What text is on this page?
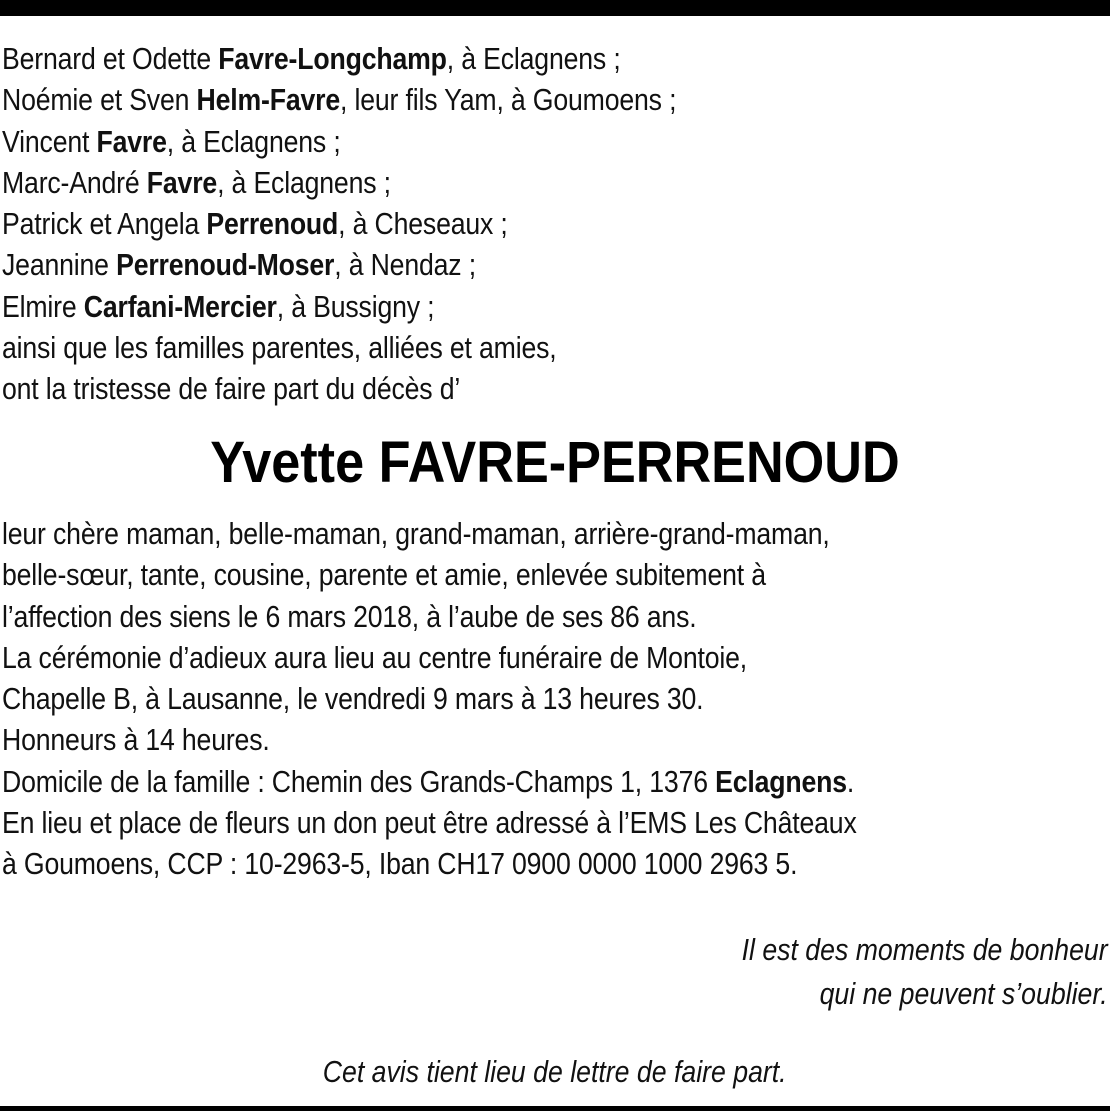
Bernard et Odette Favre-Longchamp, à Eclagnens ;
Noémie et Sven Helm-Favre, leur fils Yam, à Goumoens ;
Vincent Favre, à Eclagnens ;
Marc-André Favre, à Eclagnens ;
Patrick et Angela Perrenoud, à Cheseaux ;
Jeannine Perrenoud-Moser, à Nendaz ;
Elmire Carfani-Mercier, à Bussigny ;
ainsi que les familles parentes, alliées et amies,
ont la tristesse de faire part du décès d’
Yvette FAVRE-PERRENOUD
leur chère maman, belle-maman, grand-maman, arrière-grand-maman,
belle-sœur, tante, cousine, parente et amie, enlevée subitement à
l’affection des siens le 6 mars 2018, à l’aube de ses 86 ans.
La cérémonie d’adieux aura lieu au centre funéraire de Montoie,
Chapelle B, à Lausanne, le vendredi 9 mars à 13 heures 30.
Honneurs à 14 heures.
Domicile de la famille : Chemin des Grands-Champs 1, 1376 Eclagnens.
En lieu et place de fleurs un don peut être adressé à l’EMS Les Châteaux
à Goumoens, CCP : 10-2963-5, Iban CH17 0900 0000 1000 2963 5.
Il est des moments de bonheur
qui ne peuvent s’oublier.
Cet avis tient lieu de lettre de faire part.
